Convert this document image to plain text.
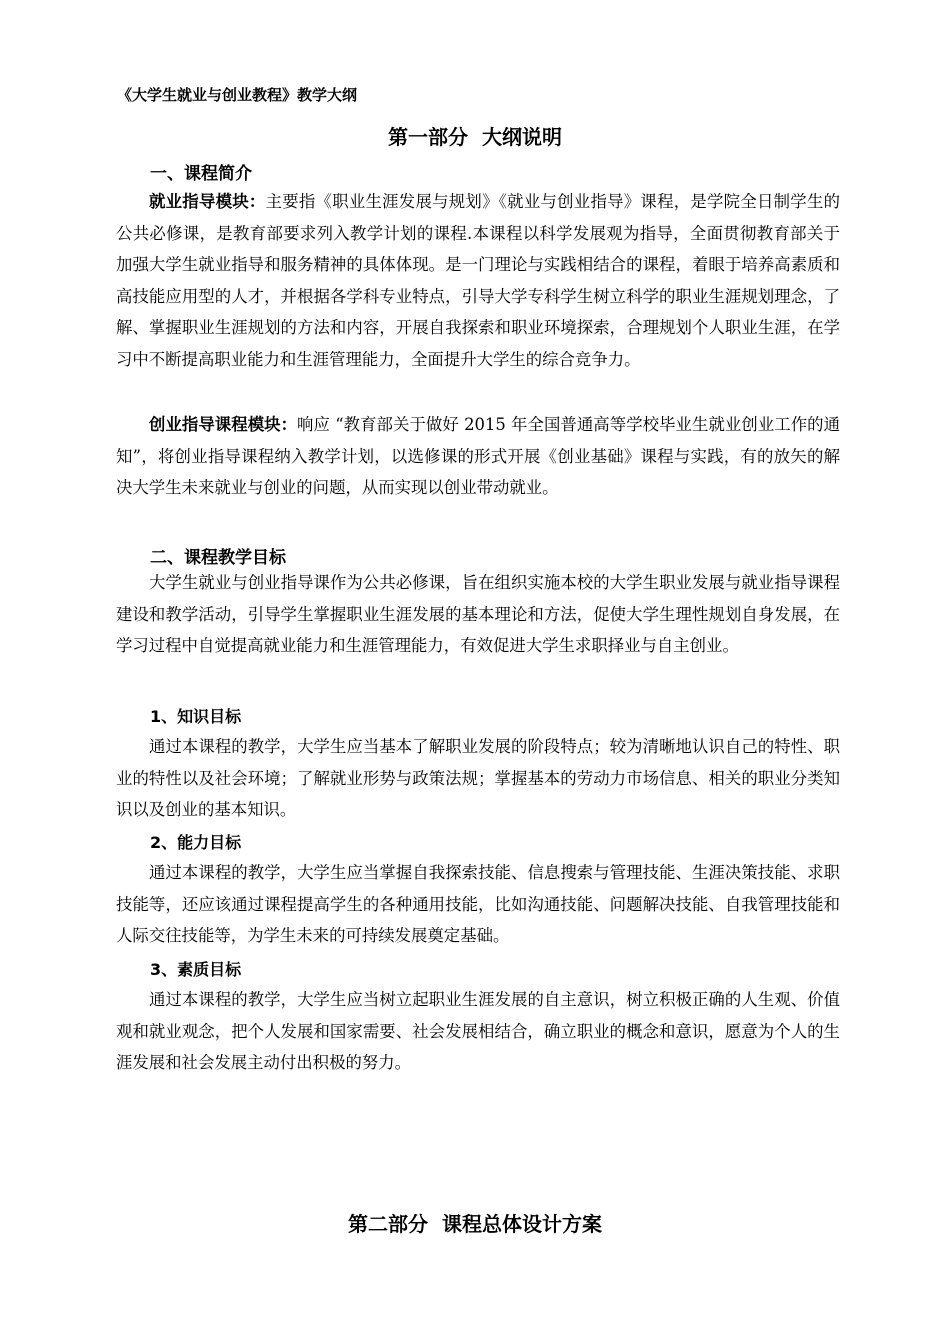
《大学生就业与创业教程》教学大纲
第一部分  大纲说明
一、课程简介

就业指导模块：主要指《职业生涯发展与规划》《就业与创业指导》课程，是学院全日制学生的公共必修课，是教育部要求列入教学计划的课程.本课程以科学发展观为指导，全面贯彻教育部关于加强大学生就业指导和服务精神的具体体现。是一门理论与实践相结合的课程，着眼于培养高素质和高技能应用型的人才，并根据各学科专业特点，引导大学专科学生树立科学的职业生涯规划理念，了解、掌握职业生涯规划的方法和内容，开展自我探索和职业环境探索，合理规划个人职业生涯，在学习中不断提高职业能力和生涯管理能力，全面提升大学生的综合竞争力。

创业指导课程模块：响应 “教育部关于做好 2015 年全国普通高等学校毕业生就业创业工作的通知”，将创业指导课程纳入教学计划，以选修课的形式开展《创业基础》课程与实践，有的放矢的解决大学生未来就业与创业的问题，从而实现以创业带动就业。

二、课程教学目标

大学生就业与创业指导课作为公共必修课，旨在组织实施本校的大学生职业发展与就业指导课程建设和教学活动，引导学生掌握职业生涯发展的基本理论和方法，促使大学生理性规划自身发展，在学习过程中自觉提高就业能力和生涯管理能力，有效促进大学生求职择业与自主创业。

1、知识目标

通过本课程的教学，大学生应当基本了解职业发展的阶段特点；较为清晰地认识自己的特性、职业的特性以及社会环境；了解就业形势与政策法规；掌握基本的劳动力市场信息、相关的职业分类知识以及创业的基本知识。

2、能力目标

通过本课程的教学，大学生应当掌握自我探索技能、信息搜索与管理技能、生涯决策技能、求职技能等，还应该通过课程提高学生的各种通用技能，比如沟通技能、问题解决技能、自我管理技能和人际交往技能等，为学生未来的可持续发展奠定基础。

3、素质目标

通过本课程的教学，大学生应当树立起职业生涯发展的自主意识，树立积极正确的人生观、价值观和就业观念，把个人发展和国家需要、社会发展相结合，确立职业的概念和意识，愿意为个人的生涯发展和社会发展主动付出积极的努力。

第二部分  课程总体设计方案
